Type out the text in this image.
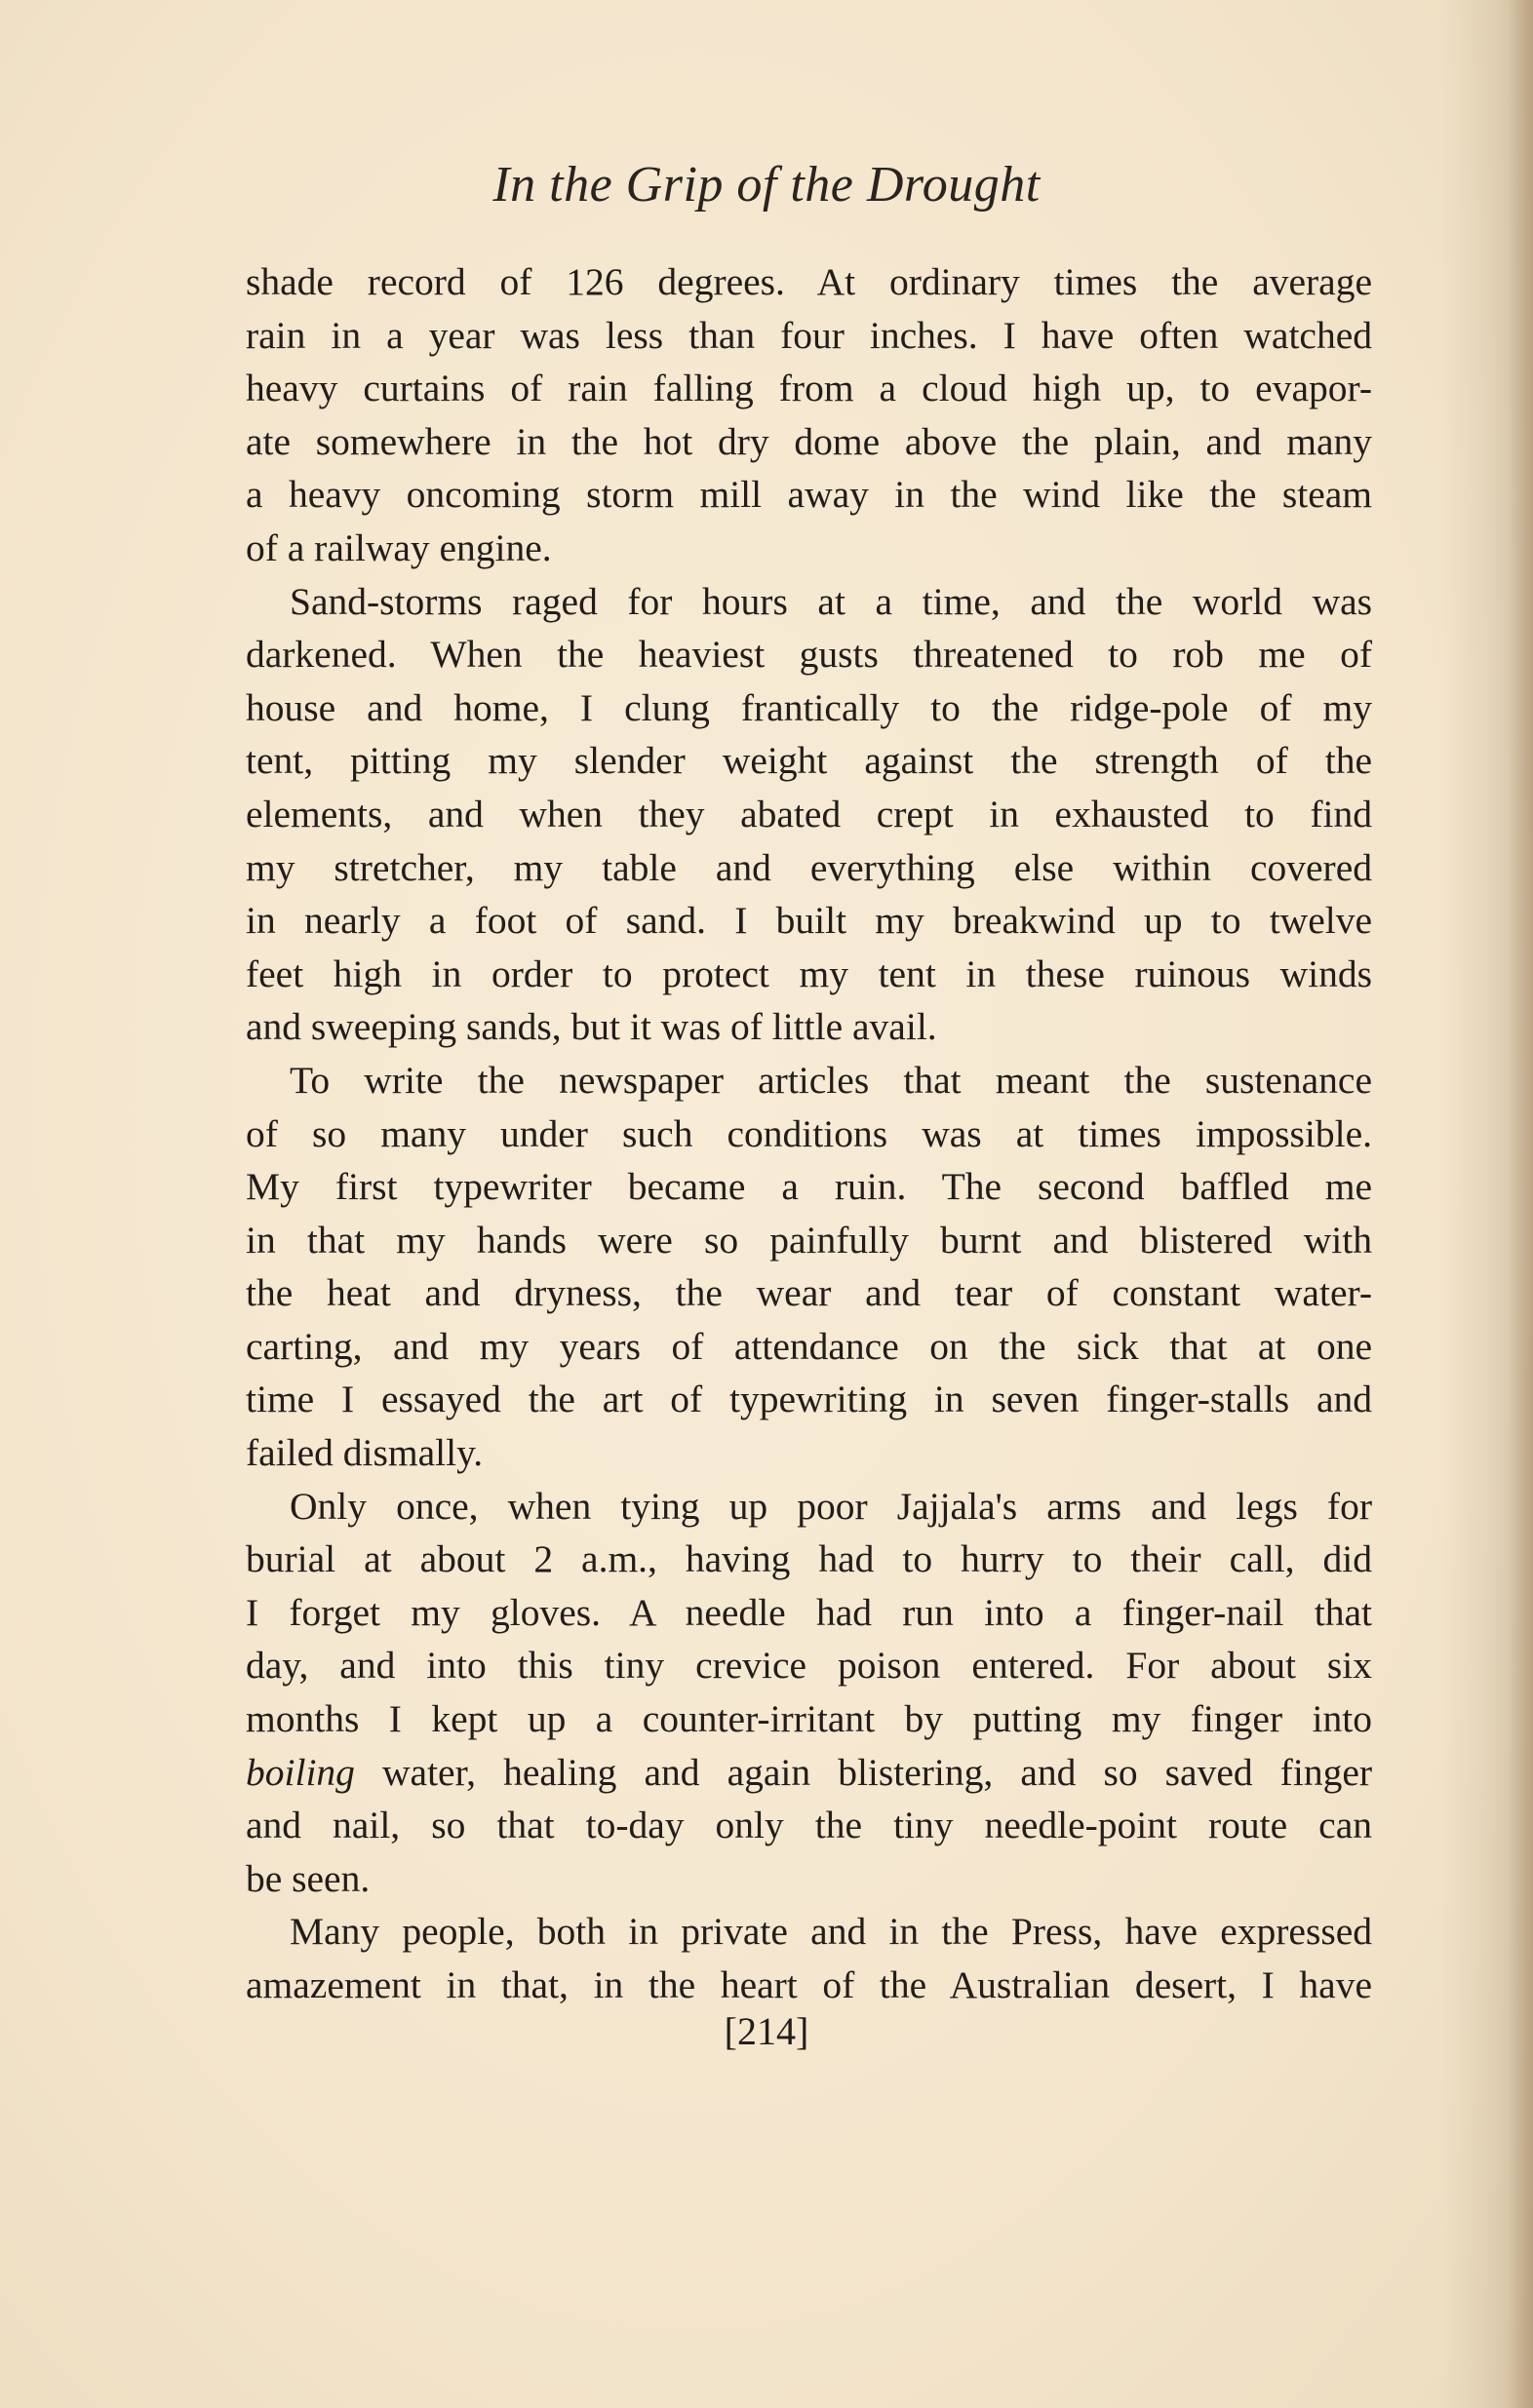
In the Grip of the Drought

shade record of 126 degrees. At ordinary times the average

rain in a year was less than four inches. I have often watched

heavy curtains of rain falling from a cloud high up, to evapor-

ate somewhere in the hot dry dome above the plain, and many

a heavy oncoming storm mill away in the wind like the steam

of a railway engine.

Sand-storms raged for hours at a time, and the world was

darkened. When the heaviest gusts threatened to rob me of

house and home, I clung frantically to the ridge-pole of my

tent, pitting my slender weight against the strength of the

elements, and when they abated crept in exhausted to find

my stretcher, my table and everything else within covered

in nearly a foot of sand. I built my breakwind up to twelve

feet high in order to protect my tent in these ruinous winds

and sweeping sands, but it was of little avail.

To write the newspaper articles that meant the sustenance

of so many under such conditions was at times impossible.

My first typewriter became a ruin. The second baffled me

in that my hands were so painfully burnt and blistered with

the heat and dryness, the wear and tear of constant water-

carting, and my years of attendance on the sick that at one

time I essayed the art of typewriting in seven finger-stalls and

failed dismally.

Only once, when tying up poor Jajjala's arms and legs for

burial at about 2 a.m., having had to hurry to their call, did

I forget my gloves. A needle had run into a finger-nail that

day, and into this tiny crevice poison entered. For about six

months I kept up a counter-irritant by putting my finger into

boiling water, healing and again blistering, and so saved finger

and nail, so that to-day only the tiny needle-point route can

be seen.

Many people, both in private and in the Press, have expressed

amazement in that, in the heart of the Australian desert, I have

[214]
